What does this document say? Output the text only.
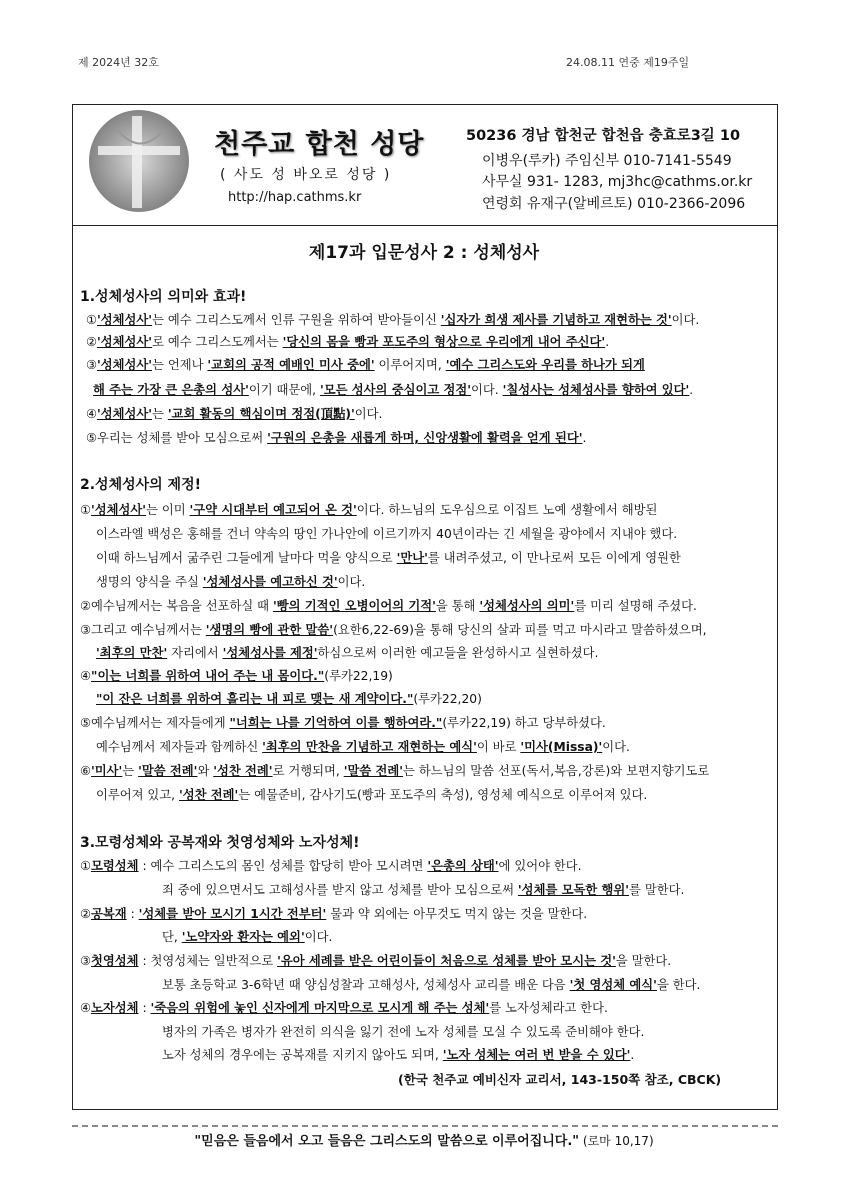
제 2024년 32호	24.08.11 연중 제19주일
천주교 합천 성당
( 사도 성 바오로 성당 )
http://hap.cathms.kr
50236 경남 합천군 합천읍 충효로3길 10
이병우(루카) 주임신부 010-7141-5549
사무실 931- 1283, mj3hc@cathms.or.kr
연령회 유재구(알베르토) 010-2366-2096
제17과 입문성사 2 : 성체성사
1.성체성사의 의미와 효과!
①'성체성사'는 예수 그리스도께서 인류 구원을 위하여 받아들이신 '십자가 희생 제사를 기념하고 재현하는 것'이다.
②'성체성사'로 예수 그리스도께서는 '당신의 몸을 빵과 포도주의 형상으로 우리에게 내어 주신다'.
③'성체성사'는 언제나 '교회의 공적 예배인 미사 중에' 이루어지며, '예수 그리스도와 우리를 하나가 되게
해 주는 가장 큰 은총의 성사'이기 때문에, '모든 성사의 중심이고 정점'이다. '칠성사는 성체성사를 향하여 있다'.
④'성체성사'는 '교회 활동의 핵심이며 정점(頂點)'이다.
⑤우리는 성체를 받아 모심으로써 '구원의 은총을 새롭게 하며, 신앙생활에 활력을 얻게 된다'.
2.성체성사의 제정!
①'성체성사'는 이미 '구약 시대부터 예고되어 온 것'이다. 하느님의 도우심으로 이집트 노예 생활에서 해방된
이스라엘 백성은 홍해를 건너 약속의 땅인 가나안에 이르기까지 40년이라는 긴 세월을 광야에서 지내야 했다.
이때 하느님께서 굶주린 그들에게 날마다 먹을 양식으로 '만나'를 내려주셨고, 이 만나로써 모든 이에게 영원한
생명의 양식을 주실 '성체성사를 예고하신 것'이다.
②예수님께서는 복음을 선포하실 때 '빵의 기적인 오병이어의 기적'을 통해 '성체성사의 의미'를 미리 설명해 주셨다.
③그리고 예수님께서는 '생명의 빵에 관한 말씀'(요한6,22-69)을 통해 당신의 살과 피를 먹고 마시라고 말씀하셨으며,
'최후의 만찬' 자리에서 '성체성사를 제정'하심으로써 이러한 예고들을 완성하시고 실현하셨다.
④"이는 너희를 위하여 내어 주는 내 몸이다."(루카22,19)
"이 잔은 너희를 위하여 흘리는 내 피로 맺는 새 계약이다."(루카22,20)
⑤예수님께서는 제자들에게 "너희는 나를 기억하여 이를 행하여라."(루카22,19) 하고 당부하셨다.
예수님께서 제자들과 함께하신 '최후의 만찬을 기념하고 재현하는 예식'이 바로 '미사(Missa)'이다.
⑥'미사'는 '말씀 전례'와 '성찬 전례'로 거행되며, '말씀 전례'는 하느님의 말씀 선포(독서,복음,강론)와 보편지향기도로
이루어져 있고, '성찬 전례'는 예물준비, 감사기도(빵과 포도주의 축성), 영성체 예식으로 이루어져 있다.
3.모령성체와 공복재와 첫영성체와 노자성체!
①모령성체 : 예수 그리스도의 몸인 성체를 합당히 받아 모시려면 '은총의 상태'에 있어야 한다.
죄 중에 있으면서도 고해성사를 받지 않고 성체를 받아 모심으로써 '성체를 모독한 행위'를 말한다.
②공복재 : '성체를 받아 모시기 1시간 전부터' 물과 약 외에는 아무것도 먹지 않는 것을 말한다.
단, '노약자와 환자는 예외'이다.
③첫영성체 : 첫영성체는 일반적으로 '유아 세례를 받은 어린이들이 처음으로 성체를 받아 모시는 것'을 말한다.
보통 초등학교 3-6학년 때 양심성찰과 고해성사, 성체성사 교리를 배운 다음 '첫 영성체 예식'을 한다.
④노자성체 : '죽음의 위험에 놓인 신자에게 마지막으로 모시게 해 주는 성체'를 노자성체라고 한다.
병자의 가족은 병자가 완전히 의식을 잃기 전에 노자 성체를 모실 수 있도록 준비해야 한다.
노자 성체의 경우에는 공복재를 지키지 않아도 되며, '노자 성체는 여러 번 받을 수 있다'.
(한국 천주교 예비신자 교리서, 143-150쪽 참조, CBCK)
"믿음은 들음에서 오고 들음은 그리스도의 말씀으로 이루어집니다." (로마 10,17)
